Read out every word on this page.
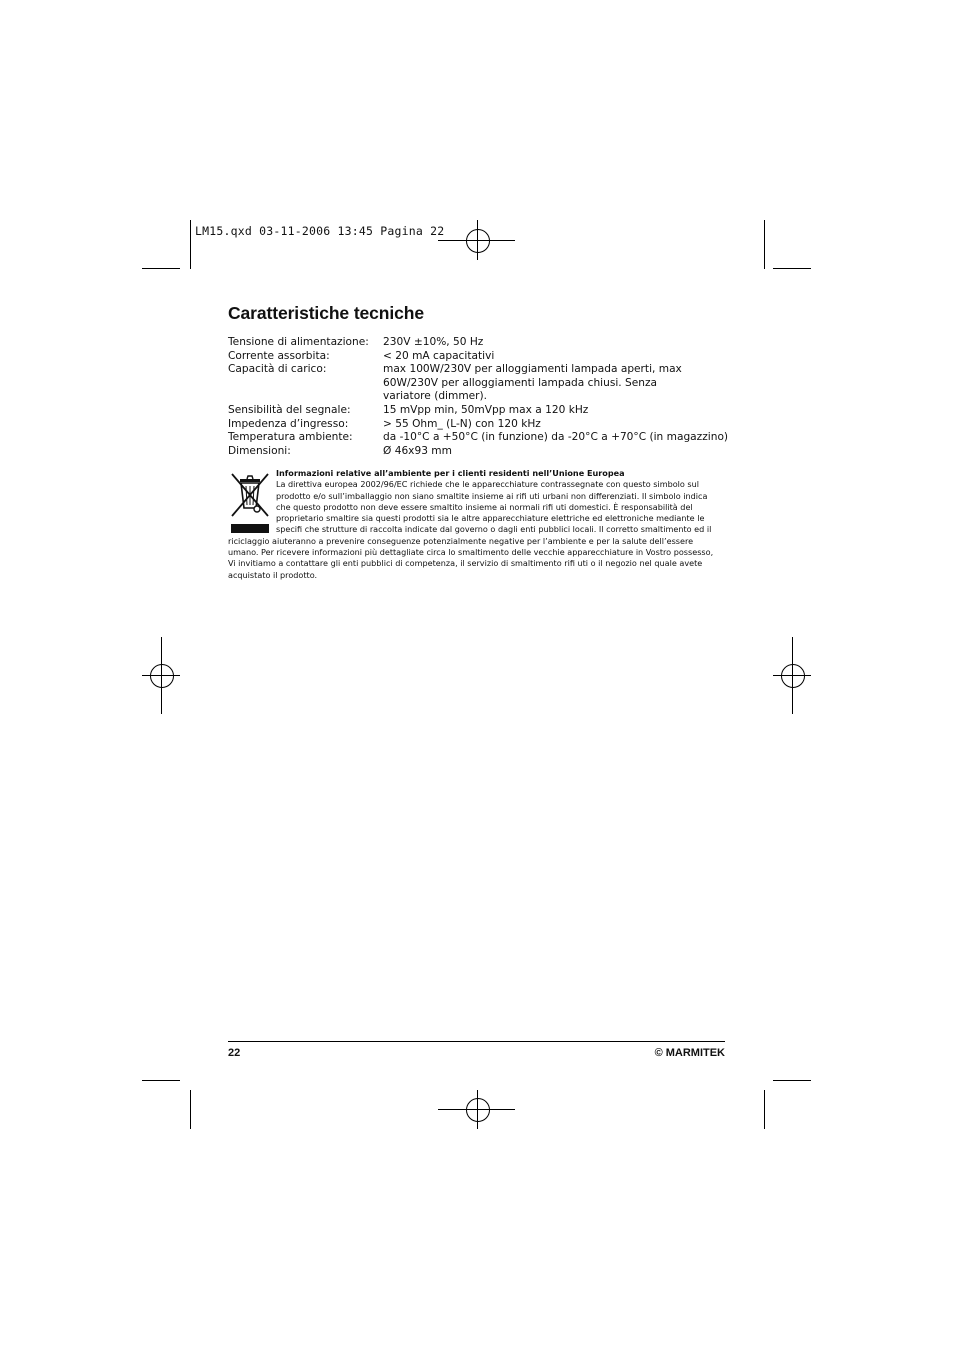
LM15.qxd 03-11-2006 13:45 Pagina 22
Caratteristiche tecniche
Tensione di alimentazione:	230V ±10%, 50 Hz
Corrente assorbita:	< 20 mA capacitativi
Capacità di carico:	max 100W/230V per alloggiamenti lampada aperti, max 60W/230V per alloggiamenti lampada chiusi. Senza variatore (dimmer).
Sensibilità del segnale:	15 mVpp min, 50mVpp max a 120 kHz
Impedenza d’ingresso:	> 55 Ohm_ (L-N) con 120 kHz
Temperatura ambiente:	da -10°C a +50°C (in funzione) da -20°C a +70°C (in magazzino)
Dimensioni:	Ø 46x93 mm
Informazioni relative all’ambiente per i clienti residenti nell’Unione Europea
La direttiva europea 2002/96/EC richiede che le apparecchiature contrassegnate con questo simbolo sul prodotto e/o sull’imballaggio non siano smaltite insieme ai rifi uti urbani non differenziati. Il simbolo indica che questo prodotto non deve essere smaltito insieme ai normali rifi uti domestici. È responsabilità del proprietario smaltire sia questi prodotti sia le altre apparecchiature elettriche ed elettroniche mediante le specifi che strutture di raccolta indicate dal governo o dagli enti pubblici locali. Il corretto smaltimento ed il riciclaggio aiuteranno a prevenire conseguenze potenzialmente negative per l’ambiente e per la salute dell’essere umano. Per ricevere informazioni più dettagliate circa lo smaltimento delle vecchie apparecchiature in Vostro possesso, Vi invitiamo a contattare gli enti pubblici di competenza, il servizio di smaltimento rifi uti o il negozio nel quale avete acquistato il prodotto.
22	© MARMITEK
